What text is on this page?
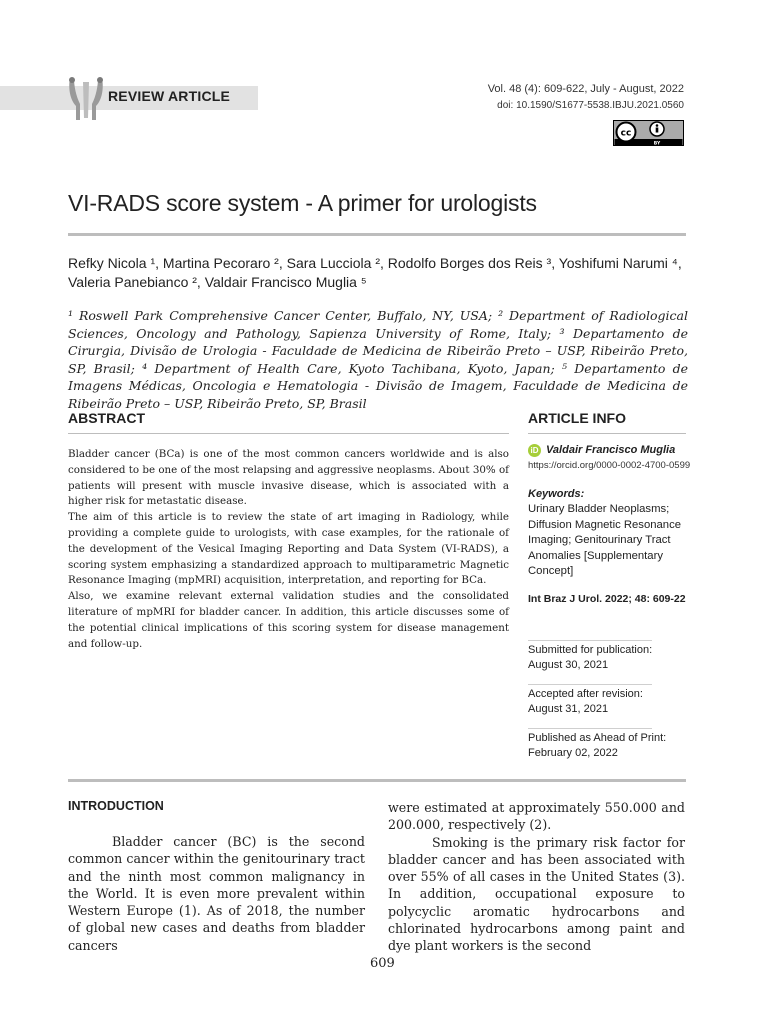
REVIEW ARTICLE	Vol. 48 (4): 609-622, July - August, 2022
doi: 10.1590/S1677-5538.IBJU.2021.0560
cc
BY
VI-RADS score system - A primer for urologists
Refky Nicola ¹, Martina Pecoraro ², Sara Lucciola ², Rodolfo Borges dos Reis ³, Yoshifumi Narumi ⁴,
Valeria Panebianco ², Valdair Francisco Muglia ⁵
¹ Roswell Park Comprehensive Cancer Center, Buffalo, NY, USA; ² Department of Radiological Sciences, Oncology and Pathology, Sapienza University of Rome, Italy; ³ Departamento de Cirurgia, Divisão de Urologia - Faculdade de Medicina de Ribeirão Preto – USP, Ribeirão Preto, SP, Brasil; ⁴ Department of Health Care, Kyoto Tachibana, Kyoto, Japan; ⁵ Departamento de Imagens Médicas, Oncologia e Hematologia - Divisão de Imagem, Faculdade de Medicina de Ribeirão Preto – USP, Ribeirão Preto, SP, Brasil
ABSTRACT

Bladder cancer (BCa) is one of the most common cancers worldwide and is also considered to be one of the most relapsing and aggressive neoplasms. About 30% of patients will present with muscle invasive disease, which is associated with a higher risk for metastatic disease.

The aim of this article is to review the state of art imaging in Radiology, while providing a complete guide to urologists, with case examples, for the rationale of the development of the Vesical Imaging Reporting and Data System (VI-RADS), a scoring system emphasizing a standardized approach to multiparametric Magnetic Resonance Imaging (mpMRI) acquisition, interpretation, and reporting for BCa.

Also, we examine relevant external validation studies and the consolidated literature of mpMRI for bladder cancer. In addition, this article discusses some of the potential clinical implications of this scoring system for disease management and follow-up.

ARTICLE INFO
iD Valdair Francisco Muglia
https://orcid.org/0000-0002-4700-0599
Keywords:
Urinary Bladder Neoplasms; Diffusion Magnetic Resonance Imaging; Genitourinary Tract Anomalies [Supplementary Concept]
Int Braz J Urol. 2022; 48: 609-22
Submitted for publication:
August 30, 2021
Accepted after revision:
August 31, 2021
Published as Ahead of Print:
February 02, 2022
INTRODUCTION

Bladder cancer (BC) is the second common cancer within the genitourinary tract and the ninth most common malignancy in the World. It is even more prevalent within Western Europe (1). As of 2018, the number of global new cases and deaths from bladder cancers

were estimated at approximately 550.000 and 200.000, respectively (2).

Smoking is the primary risk factor for bladder cancer and has been associated with over 55% of all cases in the United States (3). In addition, occupational exposure to polycyclic aromatic hydrocarbons and chlorinated hydrocarbons among paint and dye plant workers is the second

609
